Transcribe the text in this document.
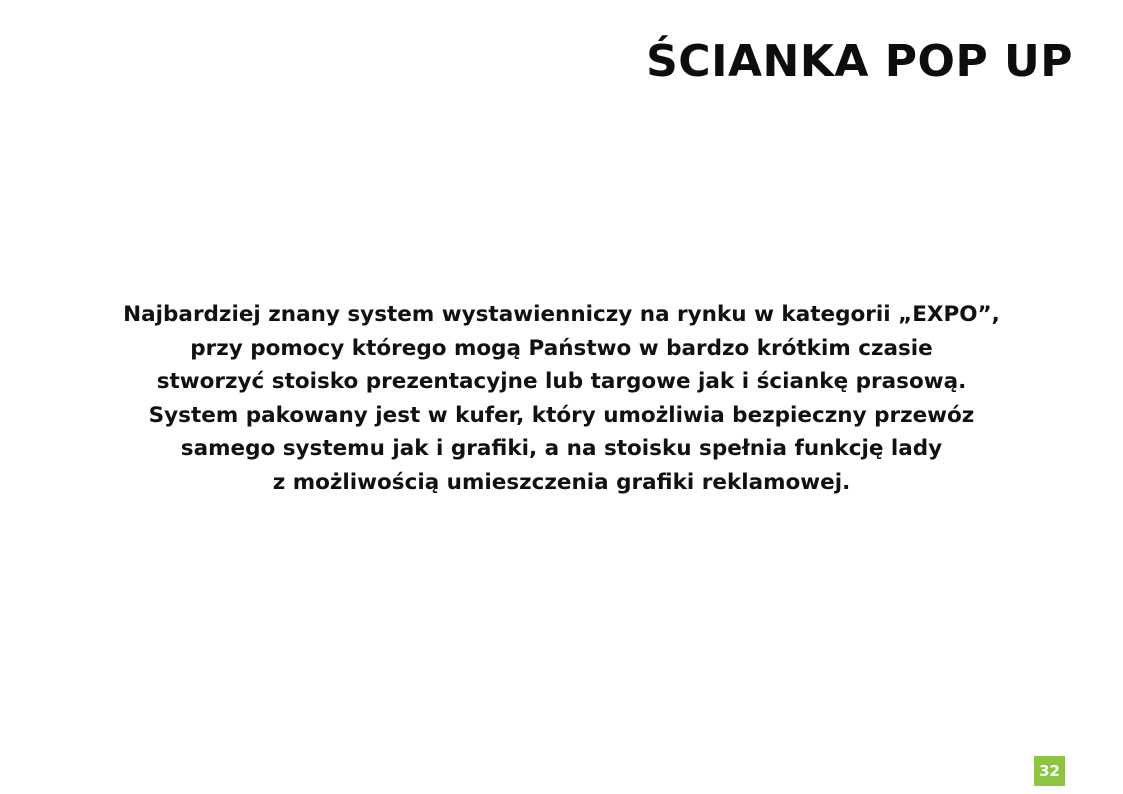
ŚCIANKA POP UP
Najbardziej znany system wystawienniczy na rynku w kategorii „EXPO”,
przy pomocy którego mogą Państwo w bardzo krótkim czasie
stworzyć stoisko prezentacyjne lub targowe jak i ściankę prasową.
System pakowany jest w kufer, który umożliwia bezpieczny przewóz
samego systemu jak i grafiki, a na stoisku spełnia funkcję lady
z możliwością umieszczenia grafiki reklamowej.
32
